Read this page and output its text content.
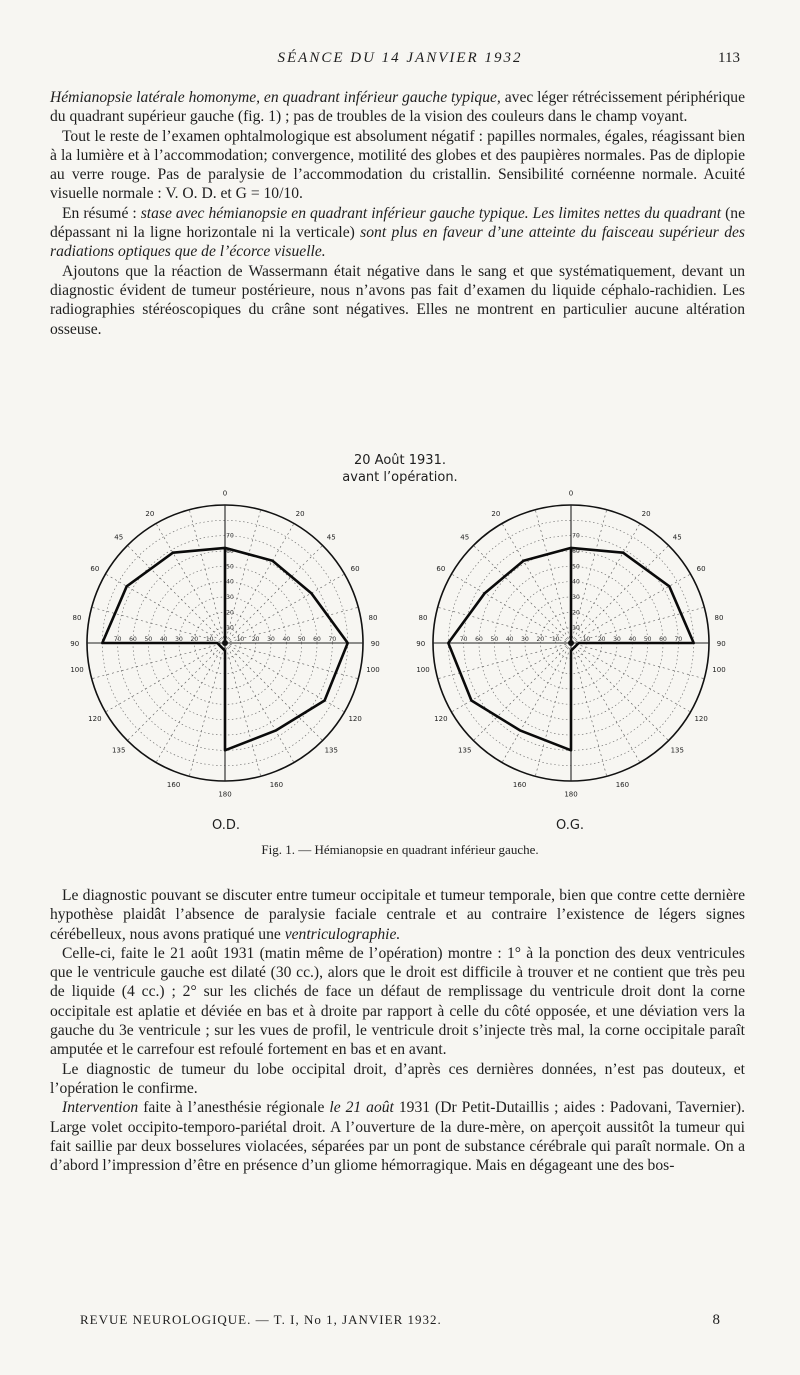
SÉANCE DU 14 JANVIER 1932	113

Hémianopsie latérale homonyme, en quadrant inférieur gauche typique, avec léger rétrécissement périphérique du quadrant supérieur gauche (fig. 1) ; pas de troubles de la vision des couleurs dans le champ voyant.

Tout le reste de l’examen ophtalmologique est absolument négatif : papilles normales, égales, réagissant bien à la lumière et à l’accommodation; convergence, motilité des globes et des paupières normales. Pas de diplopie au verre rouge. Pas de paralysie de l’accommodation du cristallin. Sensibilité cornéenne normale. Acuité visuelle normale : V. O. D. et G = 10/10.

En résumé : stase avec hémianopsie en quadrant inférieur gauche typique. Les limites nettes du quadrant (ne dépassant ni la ligne horizontale ni la verticale) sont plus en faveur d’une atteinte du faisceau supérieur des radiations optiques que de l’écorce visuelle.

Ajoutons que la réaction de Wassermann était négative dans le sang et que systématiquement, devant un diagnostic évident de tumeur postérieure, nous n’avons pas fait d’examen du liquide céphalo-rachidien. Les radiographies stéréoscopiques du crâne sont négatives. Elles ne montrent en particulier aucune altération osseuse.

20 Août 1931.
avant l’opération.
0
20
45
60
80
90
100
120
135
160
180
160
135
120
100
90
80
60
45
20
70
70
70
60
60
60
50
50
50
40
40
40
30
30
30
20
20
20
10
10
10
0
20
45
60
80
90
100
120
135
160
180
160
135
120
100
90
80
60
45
20
70
70
70
60
60
60
50
50
50
40
40
40
30
30
30
20
20
20
10
10
10
O.D.	O.G.
Fig. 1. — Hémianopsie en quadrant inférieur gauche.

Le diagnostic pouvant se discuter entre tumeur occipitale et tumeur temporale, bien que contre cette dernière hypothèse plaidât l’absence de paralysie faciale centrale et au contraire l’existence de légers signes cérébelleux, nous avons pratiqué une ventriculographie.

Celle-ci, faite le 21 août 1931 (matin même de l’opération) montre : 1° à la ponction des deux ventricules que le ventricule gauche est dilaté (30 cc.), alors que le droit est difficile à trouver et ne contient que très peu de liquide (4 cc.) ; 2° sur les clichés de face un défaut de remplissage du ventricule droit dont la corne occipitale est aplatie et déviée en bas et à droite par rapport à celle du côté opposée, et une déviation vers la gauche du 3e ventricule ; sur les vues de profil, le ventricule droit s’injecte très mal, la corne occipitale paraît amputée et le carrefour est refoulé fortement en bas et en avant.

Le diagnostic de tumeur du lobe occipital droit, d’après ces dernières données, n’est pas douteux, et l’opération le confirme.

Intervention faite à l’anesthésie régionale le 21 août 1931 (Dr Petit-Dutaillis ; aides : Padovani, Tavernier). Large volet occipito-temporo-pariétal droit. A l’ouverture de la dure-mère, on aperçoit aussitôt la tumeur qui fait saillie par deux bosselures violacées, séparées par un pont de substance cérébrale qui paraît normale. On a d’abord l’impression d’être en présence d’un gliome hémorragique. Mais en dégageant une des bos-

REVUE NEUROLOGIQUE. — T. I, No 1, JANVIER 1932.	8
